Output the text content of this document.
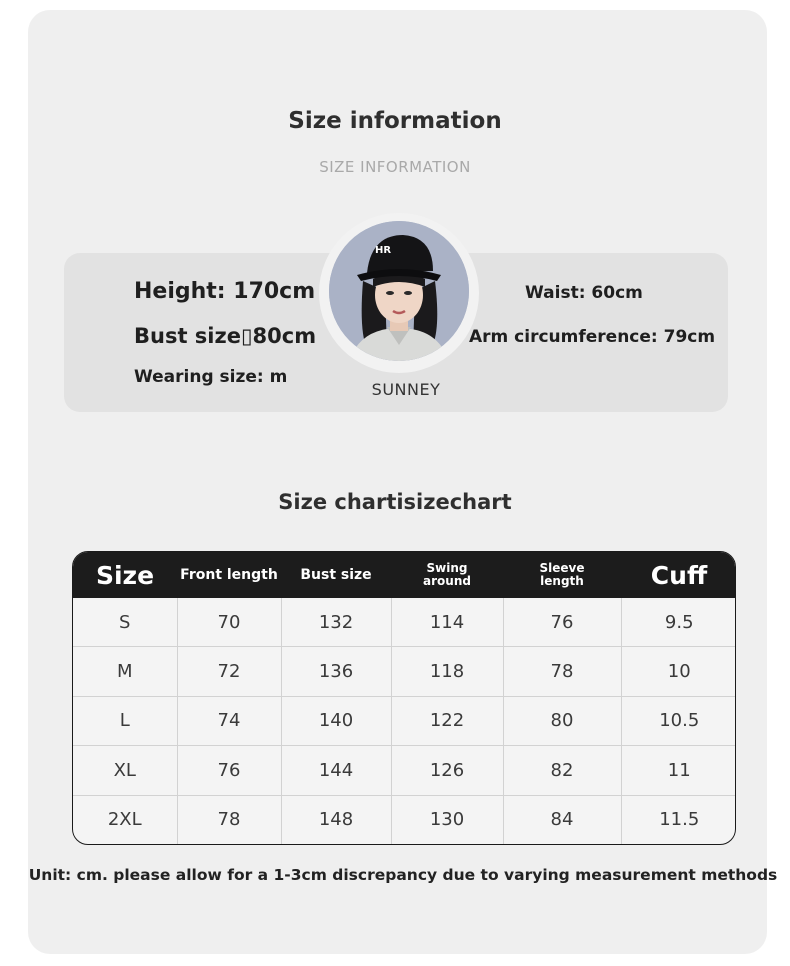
Size information
SIZE INFORMATION
HR
SUNNEY
Height: 170cm
Bust size▯80cm
Wearing size: m
Waist: 60cm
Arm circumference: 79cm
Size chartisizechart
Size	Front length	Bust size	Swing around	Sleeve length	Cuff
S	70	132	114	76	9.5
M	72	136	118	78	10
L	74	140	122	80	10.5
XL	76	144	126	82	11
2XL	78	148	130	84	11.5
Unit: cm. please allow for a 1-3cm discrepancy due to varying measurement methods
